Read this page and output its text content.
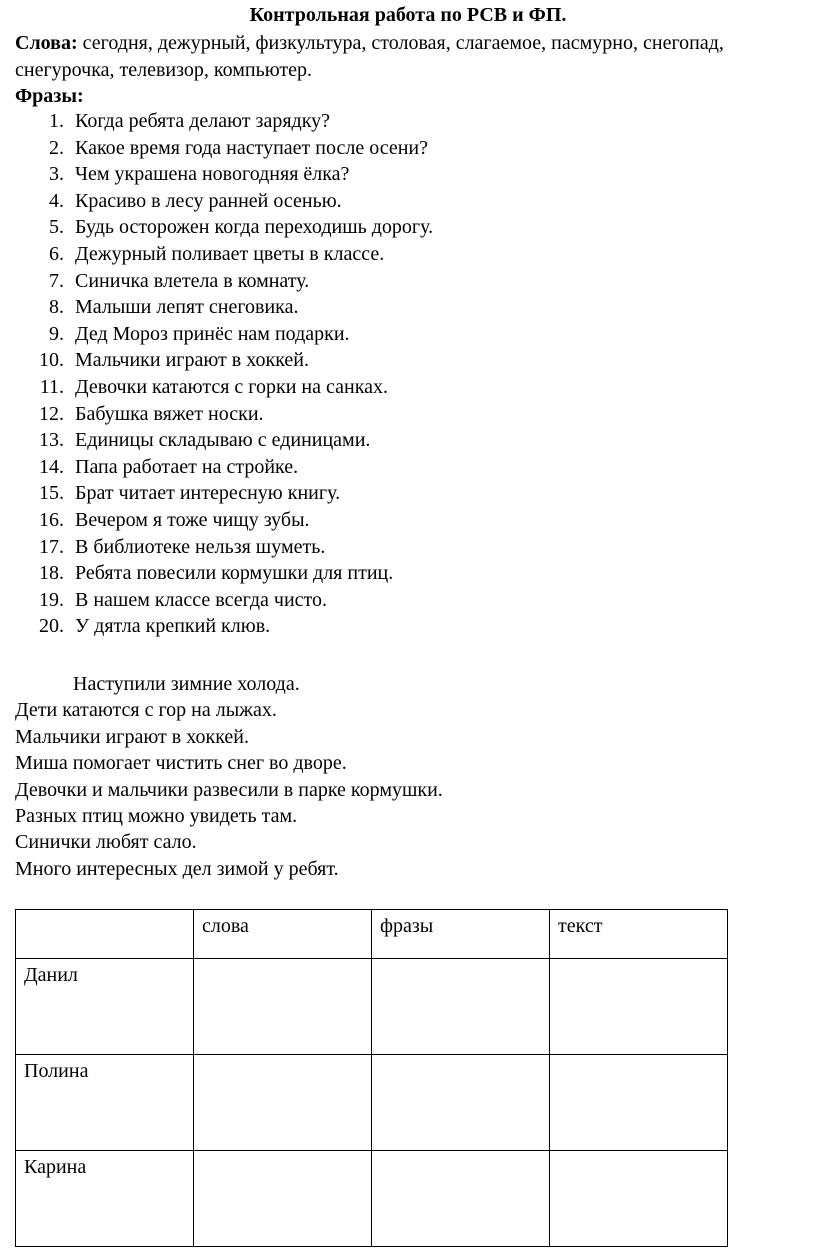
Контрольная работа по РСВ и ФП.
Слова: сегодня, дежурный, физкультура, столовая, слагаемое, пасмурно, снегопад, снегурочка, телевизор, компьютер.
Фразы:
1. Когда ребята делают зарядку?
2. Какое время года наступает после осени?
3. Чем украшена новогодняя ёлка?
4. Красиво в лесу ранней осенью.
5. Будь осторожен когда переходишь дорогу.
6. Дежурный поливает цветы в классе.
7. Синичка влетела в комнату.
8. Малыши лепят снеговика.
9. Дед Мороз принёс нам подарки.
10. Мальчики играют в хоккей.
11. Девочки катаются с горки на санках.
12. Бабушка вяжет носки.
13. Единицы складываю с единицами.
14. Папа работает на стройке.
15. Брат читает интересную книгу.
16. Вечером я тоже чищу зубы.
17. В библиотеке нельзя шуметь.
18. Ребята повесили кормушки для птиц.
19. В нашем классе всегда чисто.
20. У дятла крепкий клюв.
Наступили зимние холода.
Дети катаются с гор на лыжах.
Мальчики играют в хоккей.
Миша помогает чистить снег во дворе.
Девочки и мальчики развесили в парке кормушки.
Разных птиц можно увидеть там.
Синички любят сало.
Много интересных дел зимой у ребят.
	слова	фразы	текст
Данил			
Полина			
Карина			
